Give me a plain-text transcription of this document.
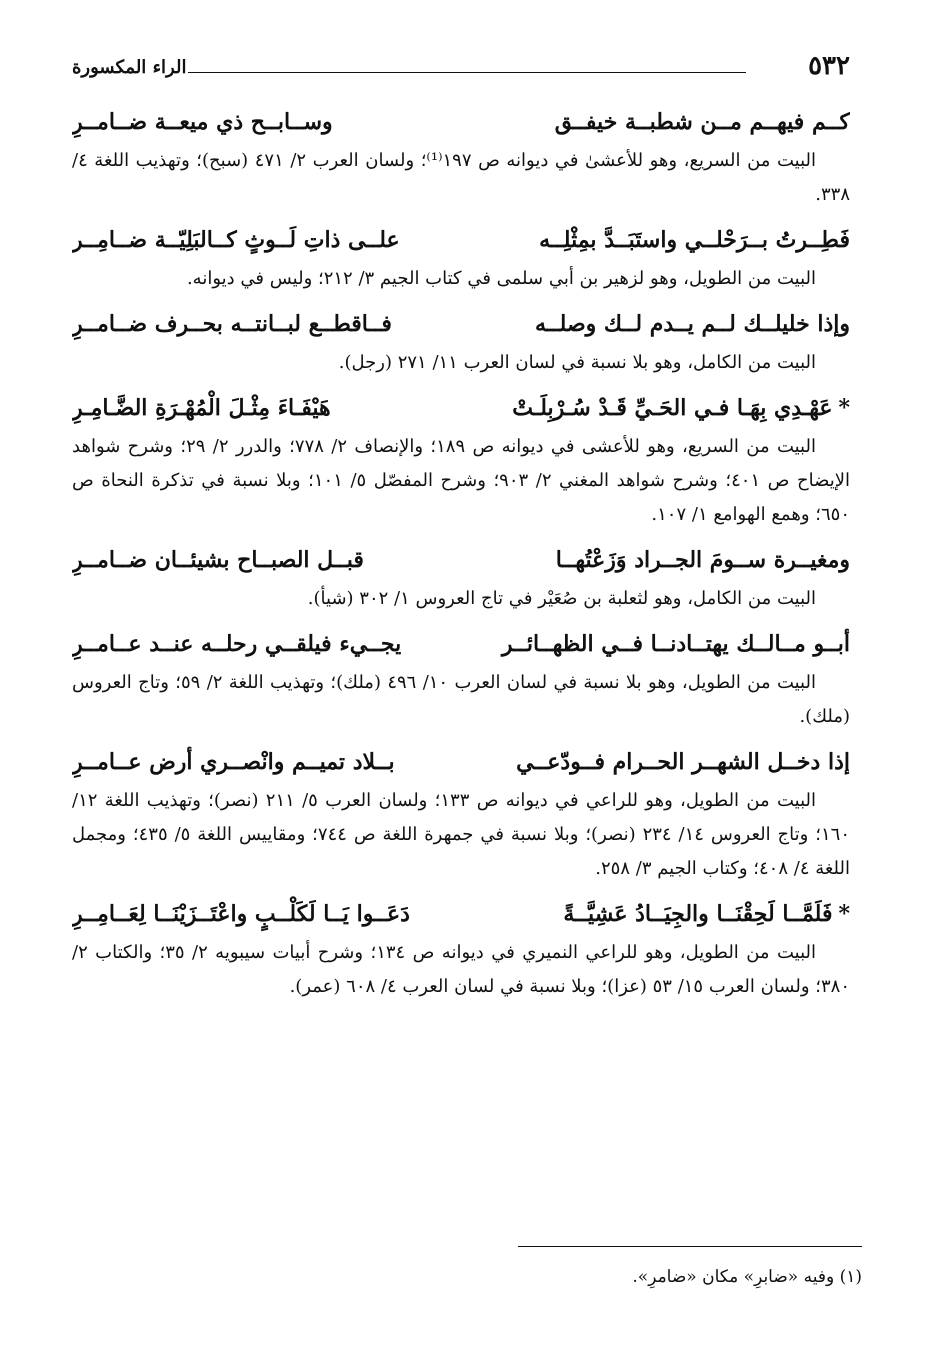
٥٣٢
الراء المكسورة
كــم فيهــم مــن شطبــة خيفــق
وســابــح ذي ميعــة ضــامــرِ

البيت من السريع، وهو للأعشىٰ في ديوانه ص ١٩٧⁽¹⁾؛ ولسان العرب ٢/ ٤٧١ (سبح)؛ وتهذيب اللغة ٤/ ٣٣٨.

فَطِــرتُ بــرَحْلــي واستَبَــدَّ بمِثْلِــه
علــى ذاتِ لَــوثٍ كــالبَلِيّــة ضــامِــر

البيت من الطويل، وهو لزهير بن أبي سلمى في كتاب الجيم ٣/ ٢١٢؛ وليس في ديوانه.

وإذا خليلــك لــم يــدم لــك وصلــه
فــاقطــع لبــانتــه بحــرف ضــامــرِ

البيت من الكامل، وهو بلا نسبة في لسان العرب ١١/ ٢٧١ (رجل).

*عَهْـدِي بِهَـا فـي الحَـيِّ قَـدْ سُـرْبِلَـتْ
هَيْفَـاءَ مِثْـلَ الْمُهْـرَةِ الضَّـامِـرِ

البيت من السريع، وهو للأعشى في ديوانه ص ١٨٩؛ والإنصاف ٢/ ٧٧٨؛ والدرر ٢/ ٢٩؛ وشرح شواهد الإيضاح ص ٤٠١؛ وشرح شواهد المغني ٢/ ٩٠٣؛ وشرح المفصّل ٥/ ١٠١؛ وبلا نسبة في تذكرة النحاة ص ٦٥٠؛ وهمع الهوامع ١/ ١٠٧.

ومغيــرة ســومَ الجــراد وَزَعْتُهــا
قبــل الصبــاح بشيئــان ضــامــرِ

البيت من الكامل، وهو لثعلبة بن صُعَيْر في تاج العروس ١/ ٣٠٢ (شيأ).

أبــو مــالــك يهتــادنــا فــي الظهــائــر
يجــيء فيلقــي رحلــه عنــد عــامــرِ

البيت من الطويل، وهو بلا نسبة في لسان العرب ١٠/ ٤٩٦ (ملك)؛ وتهذيب اللغة ٢/ ٥٩؛ وتاج العروس (ملك).

إذا دخــل الشهــر الحــرام فــودّعــي
بــلاد تميــم وانْصــري أرض عــامــرِ

البيت من الطويل، وهو للراعي في ديوانه ص ١٣٣؛ ولسان العرب ٥/ ٢١١ (نصر)؛ وتهذيب اللغة ١٢/ ١٦٠؛ وتاج العروس ١٤/ ٢٣٤ (نصر)؛ وبلا نسبة في جمهرة اللغة ص ٧٤٤؛ ومقاييس اللغة ٥/ ٤٣٥؛ ومجمل اللغة ٤/ ٤٠٨؛ وكتاب الجيم ٣/ ٢٥٨.

*فَلَمَّــا لَحِقْنَــا والجِيَــادُ عَشِيَّــةً
دَعَــوا يَــا لَكَلْــبٍ واعْتَــزَيْنَــا لِعَــامِــرِ

البيت من الطويل، وهو للراعي النميري في ديوانه ص ١٣٤؛ وشرح أبيات سيبويه ٢/ ٣٥؛ والكتاب ٢/ ٣٨٠؛ ولسان العرب ١٥/ ٥٣ (عزا)؛ وبلا نسبة في لسان العرب ٤/ ٦٠٨ (عمر).

(١) وفيه «ضابرِ» مكان «ضامرِ».
